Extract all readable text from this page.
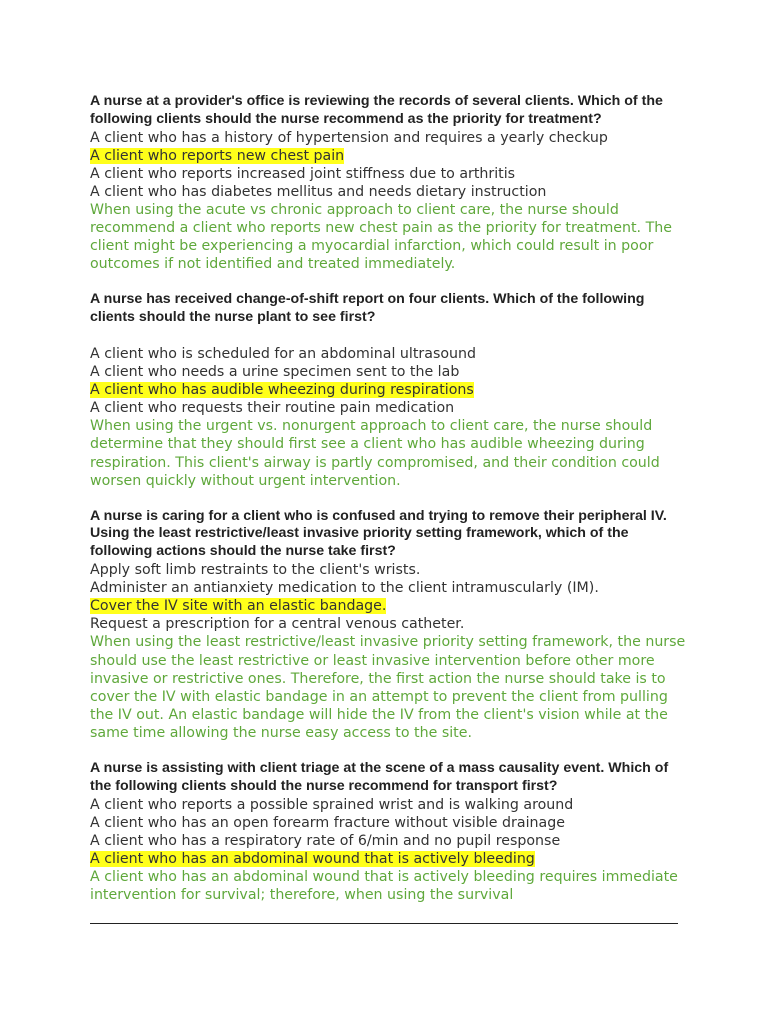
A nurse at a provider's office is reviewing the records of several clients. Which of the following clients should the nurse recommend as the priority for treatment?
A client who has a history of hypertension and requires a yearly checkup
A client who reports new chest pain
A client who reports increased joint stiffness due to arthritis
A client who has diabetes mellitus and needs dietary instruction
When using the acute vs chronic approach to client care, the nurse should recommend a client who reports new chest pain as the priority for treatment. The client might be experiencing a myocardial infarction, which could result in poor outcomes if not identified and treated immediately.
A nurse has received change-of-shift report on four clients. Which of the following clients should the nurse plant to see first?
A client who is scheduled for an abdominal ultrasound
A client who needs a urine specimen sent to the lab
A client who has audible wheezing during respirations
A client who requests their routine pain medication
When using the urgent vs. nonurgent approach to client care, the nurse should determine that they should first see a client who has audible wheezing during respiration. This client's airway is partly compromised, and their condition could worsen quickly without urgent intervention.
A nurse is caring for a client who is confused and trying to remove their peripheral IV. Using the least restrictive/least invasive priority setting framework, which of the following actions should the nurse take first?
Apply soft limb restraints to the client's wrists.
Administer an antianxiety medication to the client intramuscularly (IM).
Cover the IV site with an elastic bandage.
Request a prescription for a central venous catheter.
When using the least restrictive/least invasive priority setting framework, the nurse should use the least restrictive or least invasive intervention before other more invasive or restrictive ones. Therefore, the first action the nurse should take is to cover the IV with elastic bandage in an attempt to prevent the client from pulling the IV out. An elastic bandage will hide the IV from the client's vision while at the same time allowing the nurse easy access to the site.
A nurse is assisting with client triage at the scene of a mass causality event. Which of the following clients should the nurse recommend for transport first?
A client who reports a possible sprained wrist and is walking around
A client who has an open forearm fracture without visible drainage
A client who has a respiratory rate of 6/min and no pupil response
A client who has an abdominal wound that is actively bleeding
A client who has an abdominal wound that is actively bleeding requires immediate intervention for survival; therefore, when using the survival
